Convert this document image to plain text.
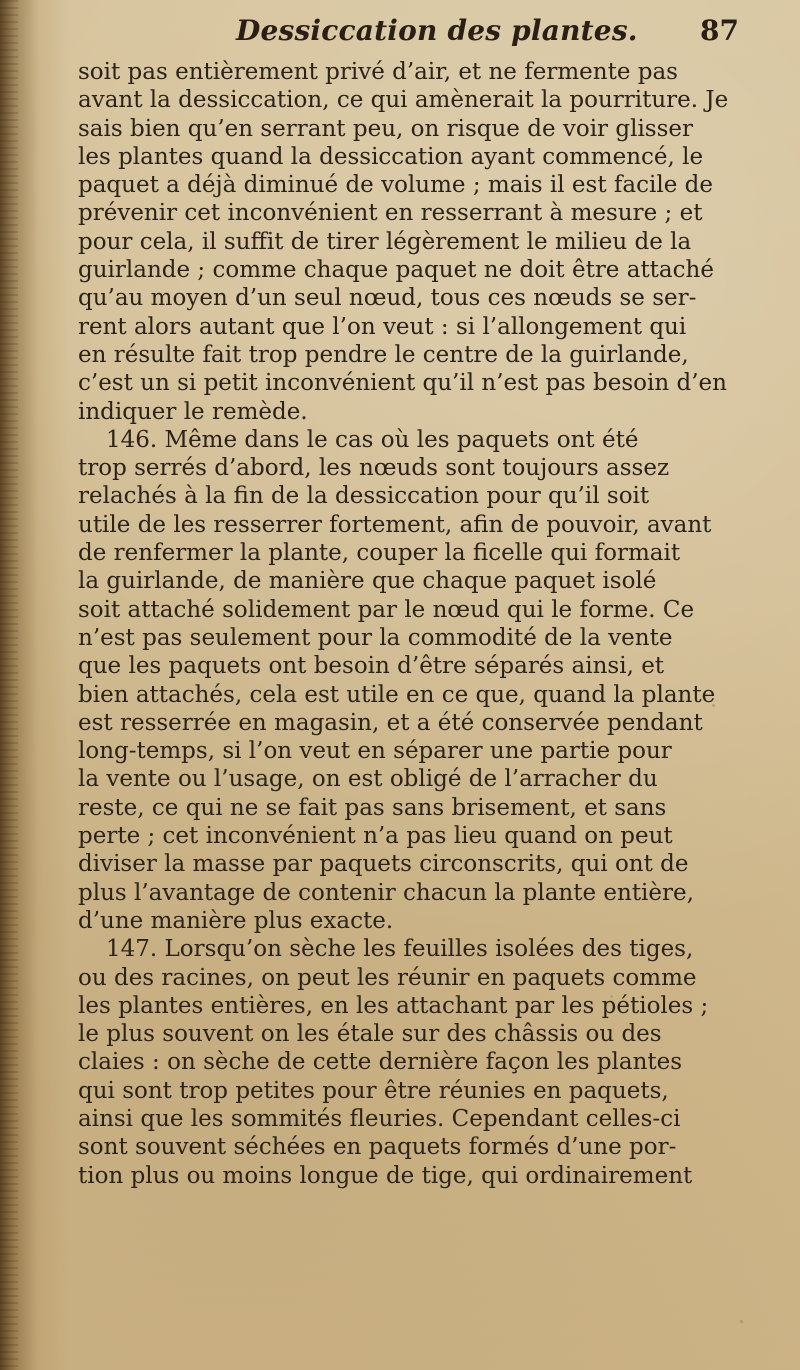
Dessiccation des plantes. 87
soit pas entièrement privé d’air, et ne fermente pas
avant la dessiccation, ce qui amènerait la pourriture. Je
sais bien qu’en serrant peu, on risque de voir glisser
les plantes quand la dessiccation ayant commencé, le
paquet a déjà diminué de volume ; mais il est facile de
prévenir cet inconvénient en resserrant à mesure ; et
pour cela, il suffit de tirer légèrement le milieu de la
guirlande ; comme chaque paquet ne doit être attaché
qu’au moyen d’un seul nœud, tous ces nœuds se ser-
rent alors autant que l’on veut : si l’allongement qui
en résulte fait trop pendre le centre de la guirlande,
c’est un si petit inconvénient qu’il n’est pas besoin d’en
indiquer le remède.
146. Même dans le cas où les paquets ont été
trop serrés d’abord, les nœuds sont toujours assez
relachés à la fin de la dessiccation pour qu’il soit
utile de les resserrer fortement, afin de pouvoir, avant
de renfermer la plante, couper la ficelle qui formait
la guirlande, de manière que chaque paquet isolé
soit attaché solidement par le nœud qui le forme. Ce
n’est pas seulement pour la commodité de la vente
que les paquets ont besoin d’être séparés ainsi, et
bien attachés, cela est utile en ce que, quand la plante
est resserrée en magasin, et a été conservée pendant
long-temps, si l’on veut en séparer une partie pour
la vente ou l’usage, on est obligé de l’arracher du
reste, ce qui ne se fait pas sans brisement, et sans
perte ; cet inconvénient n’a pas lieu quand on peut
diviser la masse par paquets circonscrits, qui ont de
plus l’avantage de contenir chacun la plante entière,
d’une manière plus exacte.
147. Lorsqu’on sèche les feuilles isolées des tiges,
ou des racines, on peut les réunir en paquets comme
les plantes entières, en les attachant par les pétioles ;
le plus souvent on les étale sur des châssis ou des
claies : on sèche de cette dernière façon les plantes
qui sont trop petites pour être réunies en paquets,
ainsi que les sommités fleuries. Cependant celles-ci
sont souvent séchées en paquets formés d’une por-
tion plus ou moins longue de tige, qui ordinairement
